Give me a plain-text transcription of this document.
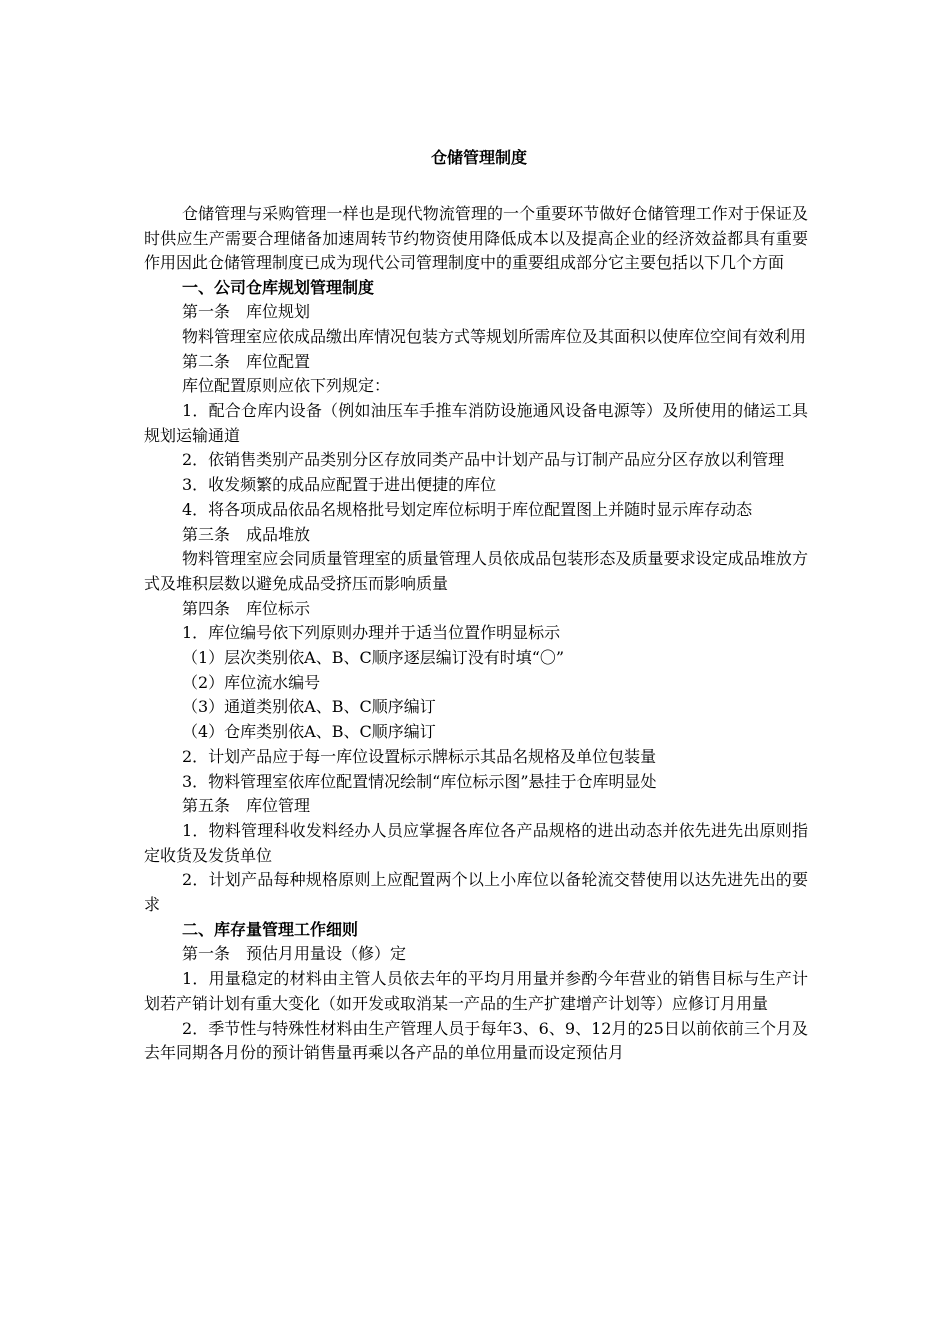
仓储管理制度

仓储管理与采购管理一样也是现代物流管理的一个重要环节做好仓储管理工作对于保证及时供应生产需要合理储备加速周转节约物资使用降低成本以及提高企业的经济效益都具有重要作用因此仓储管理制度已成为现代公司管理制度中的重要组成部分它主要包括以下几个方面

一、公司仓库规划管理制度

第一条　库位规划

物料管理室应依成品缴出库情况包装方式等规划所需库位及其面积以使库位空间有效利用

第二条　库位配置

库位配置原则应依下列规定：

1．配合仓库内设备（例如油压车手推车消防设施通风设备电源等）及所使用的储运工具规划运输通道

2．依销售类别产品类别分区存放同类产品中计划产品与订制产品应分区存放以利管理

3．收发频繁的成品应配置于进出便捷的库位

4．将各项成品依品名规格批号划定库位标明于库位配置图上并随时显示库存动态

第三条　成品堆放

物料管理室应会同质量管理室的质量管理人员依成品包装形态及质量要求设定成品堆放方式及堆积层数以避免成品受挤压而影响质量

第四条　库位标示

1．库位编号依下列原则办理并于适当位置作明显标示

（1）层次类别依A、B、C顺序逐层编订没有时填“〇”

（2）库位流水编号

（3）通道类别依A、B、C顺序编订

（4）仓库类别依A、B、C顺序编订

2．计划产品应于每一库位设置标示牌标示其品名规格及单位包装量

3．物料管理室依库位配置情况绘制“库位标示图”悬挂于仓库明显处

第五条　库位管理

1．物料管理科收发料经办人员应掌握各库位各产品规格的进出动态并依先进先出原则指定收货及发货单位

2．计划产品每种规格原则上应配置两个以上小库位以备轮流交替使用以达先进先出的要求

二、库存量管理工作细则

第一条　预估月用量设（修）定

1．用量稳定的材料由主管人员依去年的平均月用量并参酌今年营业的销售目标与生产计划若产销计划有重大变化（如开发或取消某一产品的生产扩建增产计划等）应修订月用量

2．季节性与特殊性材料由生产管理人员于每年3、6、9、12月的25日以前依前三个月及去年同期各月份的预计销售量再乘以各产品的单位用量而设定预估月
